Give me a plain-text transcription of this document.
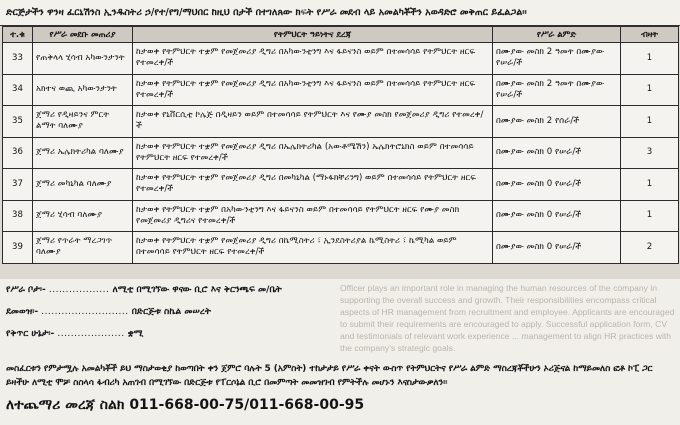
ድርጅታችን ዋንዛ ፈርኒሽንስ ኢንዱስትሪ ኃ/የተ/የግ/ማህበር ከዚህ በታች በተገለጸው ክፍት የሥራ መደብ ላይ አመልካቾችን አወዳድሮ መቅጠር ይፈልጋል፡፡
ተ.ቁ	የሥራ መደቡ መጠሪያ	የትምህርት ዓይነትና ደረጃ	የሥራ ልምድ	ብዛት
33	የጠቅላላ ሂሳብ አካውንታንት	ከታወቀ የትምህርት ተቋም የመጀመሪያ ዲግሪ በአካውንቲንግ እና ፋይናንስ ወይም በተመሳሳይ የትምህርት ዘርፍ የተመረቀ/ች	በሙያው መስክ 2 ዓመት በሙያው የሠራ/ች	1
34	አክተና ወጪ አካውንታንት	ከታወቀ የትምህርት ተቋም የመጀመሪያ ዲግሪ በአካውንቲንግ እና ፋይናንስ ወይም በተመሳሳይ የትምህርት ዘርፍ የተመረቀ/ች	በሙያው መስክ 2 ዓመት በሙያው የሠራ/ች	1
35	ጀማሪ የዲዛይንና ምርት ልማት ባለሙያ	ከታወቀ የኒቨርሲቲ ኮሌጅ በዲዛይን ወይም በተመሳሳይ የትምህርት እና የሙያ መስክ የመጀመሪያ ዲግሪ የተመረቀ/ች	በሙያው መስክ 2 የሰራ/ች	1
36	ጀማሪ ኤሌክትሪካል ባለሙያ	ከታወቀ የትምህርት ተቋም የመጀመሪያ ዲግሪ በኤሌክትሪካል (አውቶሜሽን) ኤሌክትሮኒክስ ወይም በተመሳሳይ የትምህርት ዘርፍ የተመረቀ/ች	በሙያው መስክ 0 የሠራ/ች	3
37	ጀማሪ መካኒካል ባለሙያ	ከታወቀ የትምህርት ተቋም የመጀመሪያ ዲግሪ በመካኒካል (ማኑፋክቸሪንግ) ወይም በተመሳሳይ የትምህርት ዘርፍ የተመረቀ/ች	በሙያው መስክ 0 የሠራ/ች	1
38	ጀማሪ ሂሳብ ባለሙያ	ከታወቀ የትምህርት ተቋም በአካውንቲንግ እና ፋይናንስ ወይም በተመሳሳይ የትምህርት ዘርፍ የሙያ መስክ የመጀመሪያ ዲግሪና የተመረቀ/ች	በሙያው መስክ 0 የሠራ/ች	1
39	ጀማሪ የጥራት ማረጋገጥ ባለሙያ	ከታወቀ የትምህርት ተቋም የመጀመሪያ ዲግሪ በኬሚስትሪ ፣ ኢንደስትሪያል ኬሚስትሪ ፣ ኬሚካል ወይም በተመሳሳይ የትምህርት ዘርፍ የተመረቀ/ች	በሙያው መስክ 0 የሠራ/ች	2
የሥራ ቦታ፡- .................. ለሚቲ በሚገኘው ዋናው ቢሮ እና ቅርንጫፍ መ/ቤት
ደመወዝ፡- .......................... በድርጅቱ ስኬል መሠረት
የቅጥር ሁኔታ፡- .................... ቋሚ
መስፈርቱን የምታሟሉ አመልካቾች ይህ ማስታወቂያ ከወጣበት ቀን ጀምሮ ባሉት 5 (አምስት) ተከታታይ የሥራ ቀናት ውስጥ የትምህርትና የሥራ ልምድ ማስረጃቾችሁን ኦሪጅናል ከማይመለስ ፎቶ ኮፒ ጋር ይዛችሁ ለሚቲ ሞቻ ስስላሳ ፋብሪካ አጠገብ በሚገኘው በድርጅቱ የፐርሶኔል ቢሮ በመምጣት መመዝገብ የምትችሉ መሆኑን እናስታውቃለን፡፡
ለተጨማሪ መረጃ ስልክ 011-668-00-75/011-668-00-95
Officer plays an important role in managing the human resources of the company in supporting the overall success and growth. Their responsibilities encompass critical aspects of HR management from recruitment and employee. Applicants are encouraged to submit their requirements are encouraged to apply. Successful application form, CV and testimonials of relevant work experience ... management to align HR practices with the company's strategic goals.
